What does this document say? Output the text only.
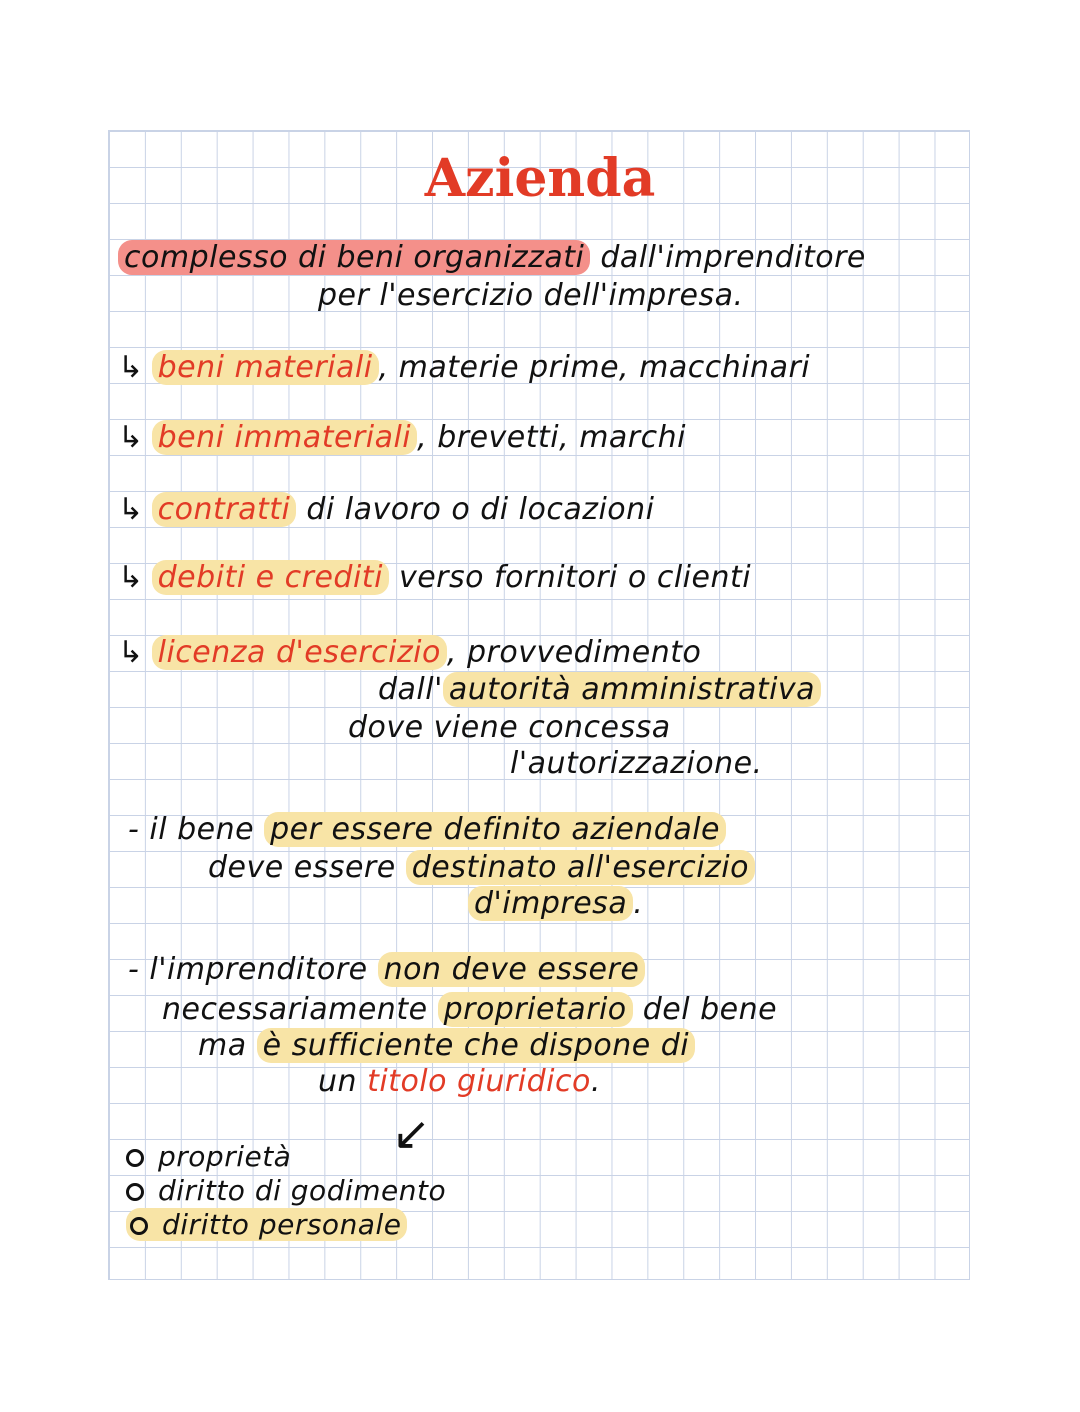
Azienda
complesso di beni organizzati dall'imprenditore
per l'esercizio dell'impresa.
↳ beni materiali , materie prime, macchinari
↳ beni immateriali , brevetti, marchi
↳ contratti di lavoro o di locazioni
↳ debiti e crediti verso fornitori o clienti
↳ licenza d'esercizio , provvedimento
dall' autorità amministrativa
dove viene concessa
l'autorizzazione.
- il bene per essere definito aziendale
deve essere destinato all'esercizio
d'impresa .
- l'imprenditore non deve essere
necessariamente proprietario del bene
ma è sufficiente che dispone di
un titolo giuridico.
↙
proprietà
diritto di godimento
diritto personale
